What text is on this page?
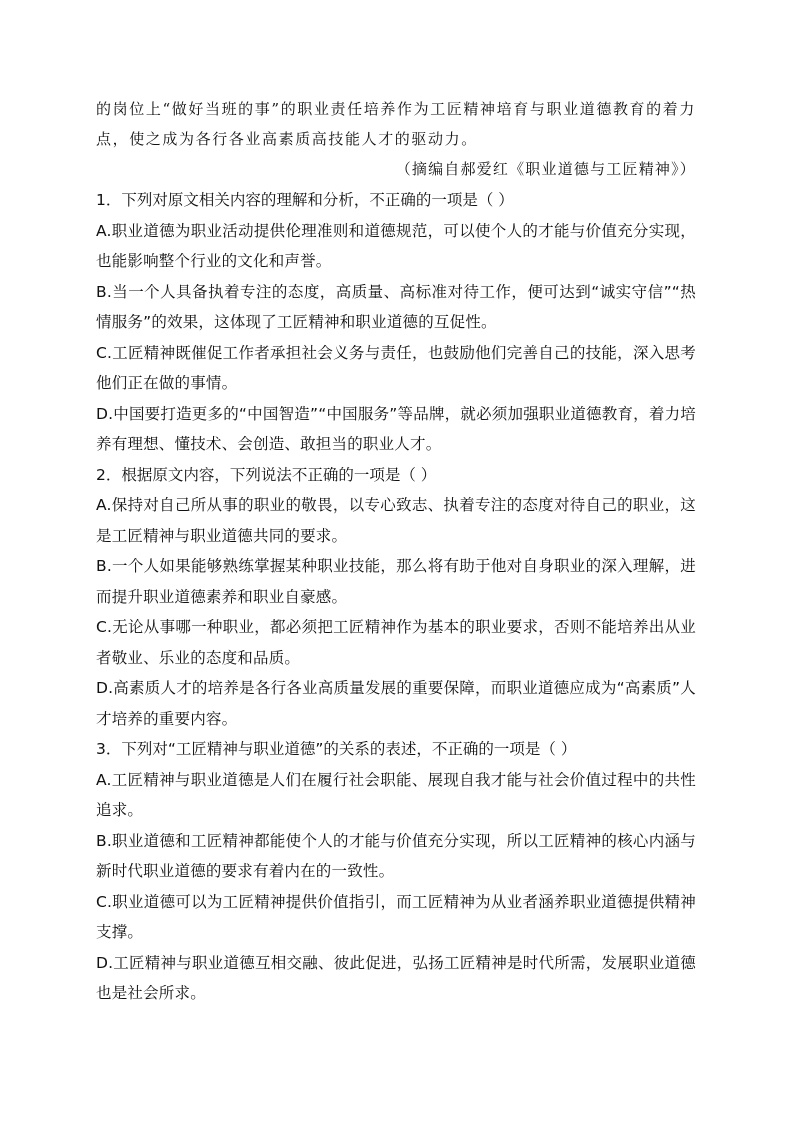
的岗位上“做好当班的事”的职业责任培养作为工匠精神培育与职业道德教育的着力点，使之成为各行各业高素质高技能人才的驱动力。

（摘编自郝爱红《职业道德与工匠精神》）

1．下列对原文相关内容的理解和分析，不正确的一项是（ ）

A.职业道德为职业活动提供伦理准则和道德规范，可以使个人的才能与价值充分实现，也能影响整个行业的文化和声誉。

B.当一个人具备执着专注的态度，高质量、高标准对待工作，便可达到“诚实守信”“热情服务”的效果，这体现了工匠精神和职业道德的互促性。

C.工匠精神既催促工作者承担社会义务与责任，也鼓励他们完善自己的技能，深入思考他们正在做的事情。

D.中国要打造更多的“中国智造”“中国服务”等品牌，就必须加强职业道德教育，着力培养有理想、懂技术、会创造、敢担当的职业人才。

2．根据原文内容，下列说法不正确的一项是（ ）

A.保持对自己所从事的职业的敬畏，以专心致志、执着专注的态度对待自己的职业，这是工匠精神与职业道德共同的要求。

B.一个人如果能够熟练掌握某种职业技能，那么将有助于他对自身职业的深入理解，进而提升职业道德素养和职业自豪感。

C.无论从事哪一种职业，都必须把工匠精神作为基本的职业要求，否则不能培养出从业者敬业、乐业的态度和品质。

D.高素质人才的培养是各行各业高质量发展的重要保障，而职业道德应成为“高素质”人才培养的重要内容。

3．下列对“工匠精神与职业道德”的关系的表述，不正确的一项是（ ）

A.工匠精神与职业道德是人们在履行社会职能、展现自我才能与社会价值过程中的共性追求。

B.职业道德和工匠精神都能使个人的才能与价值充分实现，所以工匠精神的核心内涵与新时代职业道德的要求有着内在的一致性。

C.职业道德可以为工匠精神提供价值指引，而工匠精神为从业者涵养职业道德提供精神支撑。

D.工匠精神与职业道德互相交融、彼此促进，弘扬工匠精神是时代所需，发展职业道德也是社会所求。
